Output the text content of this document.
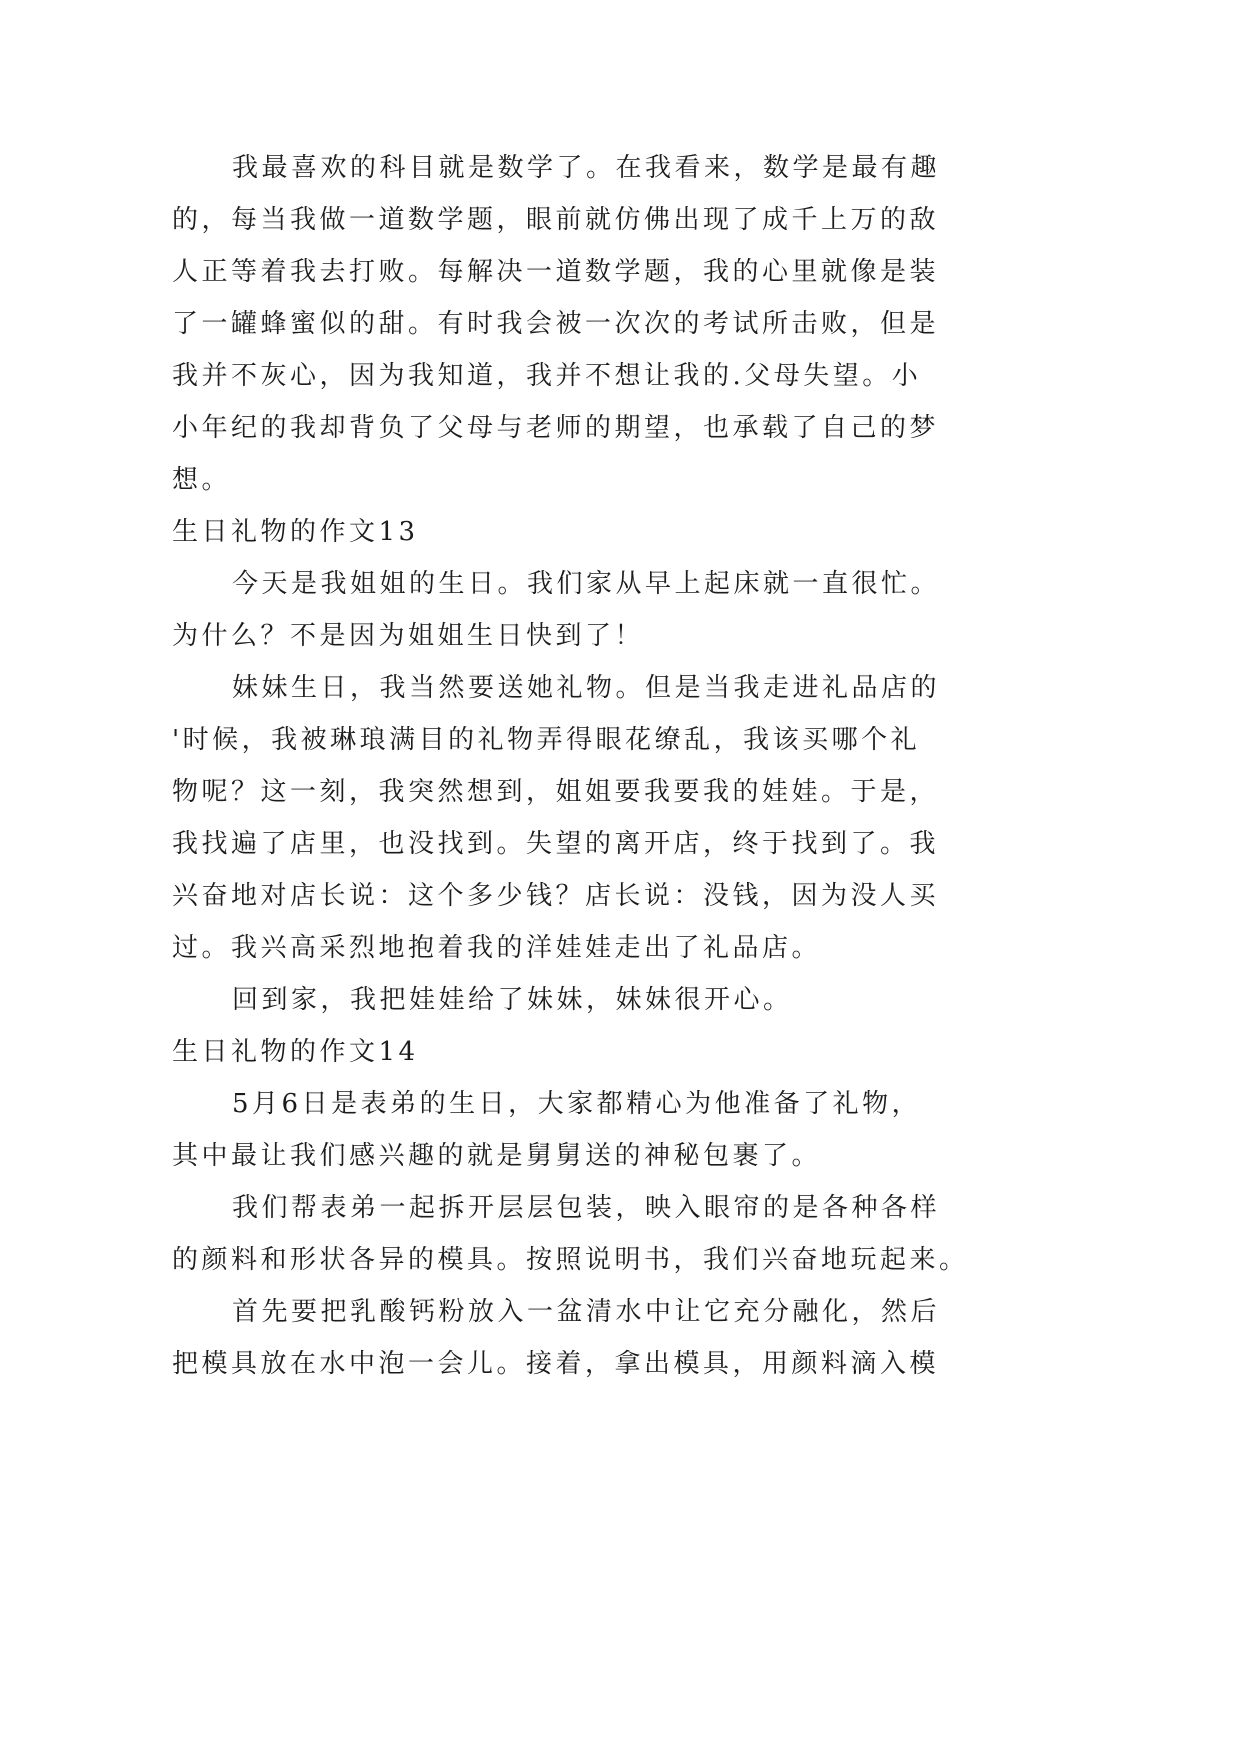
我最喜欢的科目就是数学了。在我看来，数学是最有趣
的，每当我做一道数学题，眼前就仿佛出现了成千上万的敌
人正等着我去打败。每解决一道数学题，我的心里就像是装
了一罐蜂蜜似的甜。有时我会被一次次的考试所击败，但是
我并不灰心，因为我知道，我并不想让我的.父母失望。小
小年纪的我却背负了父母与老师的期望，也承载了自己的梦
想。
生日礼物的作文13
今天是我姐姐的生日。我们家从早上起床就一直很忙。
为什么？不是因为姐姐生日快到了！
妹妹生日，我当然要送她礼物。但是当我走进礼品店的
'时候，我被琳琅满目的礼物弄得眼花缭乱，我该买哪个礼
物呢？这一刻，我突然想到，姐姐要我要我的娃娃。于是，
我找遍了店里，也没找到。失望的离开店，终于找到了。我
兴奋地对店长说：这个多少钱？店长说：没钱，因为没人买
过。我兴高采烈地抱着我的洋娃娃走出了礼品店。
回到家，我把娃娃给了妹妹，妹妹很开心。
生日礼物的作文14
5月6日是表弟的生日，大家都精心为他准备了礼物，
其中最让我们感兴趣的就是舅舅送的神秘包裹了。
我们帮表弟一起拆开层层包装，映入眼帘的是各种各样
的颜料和形状各异的模具。按照说明书，我们兴奋地玩起来。
首先要把乳酸钙粉放入一盆清水中让它充分融化，然后
把模具放在水中泡一会儿。接着，拿出模具，用颜料滴入模
